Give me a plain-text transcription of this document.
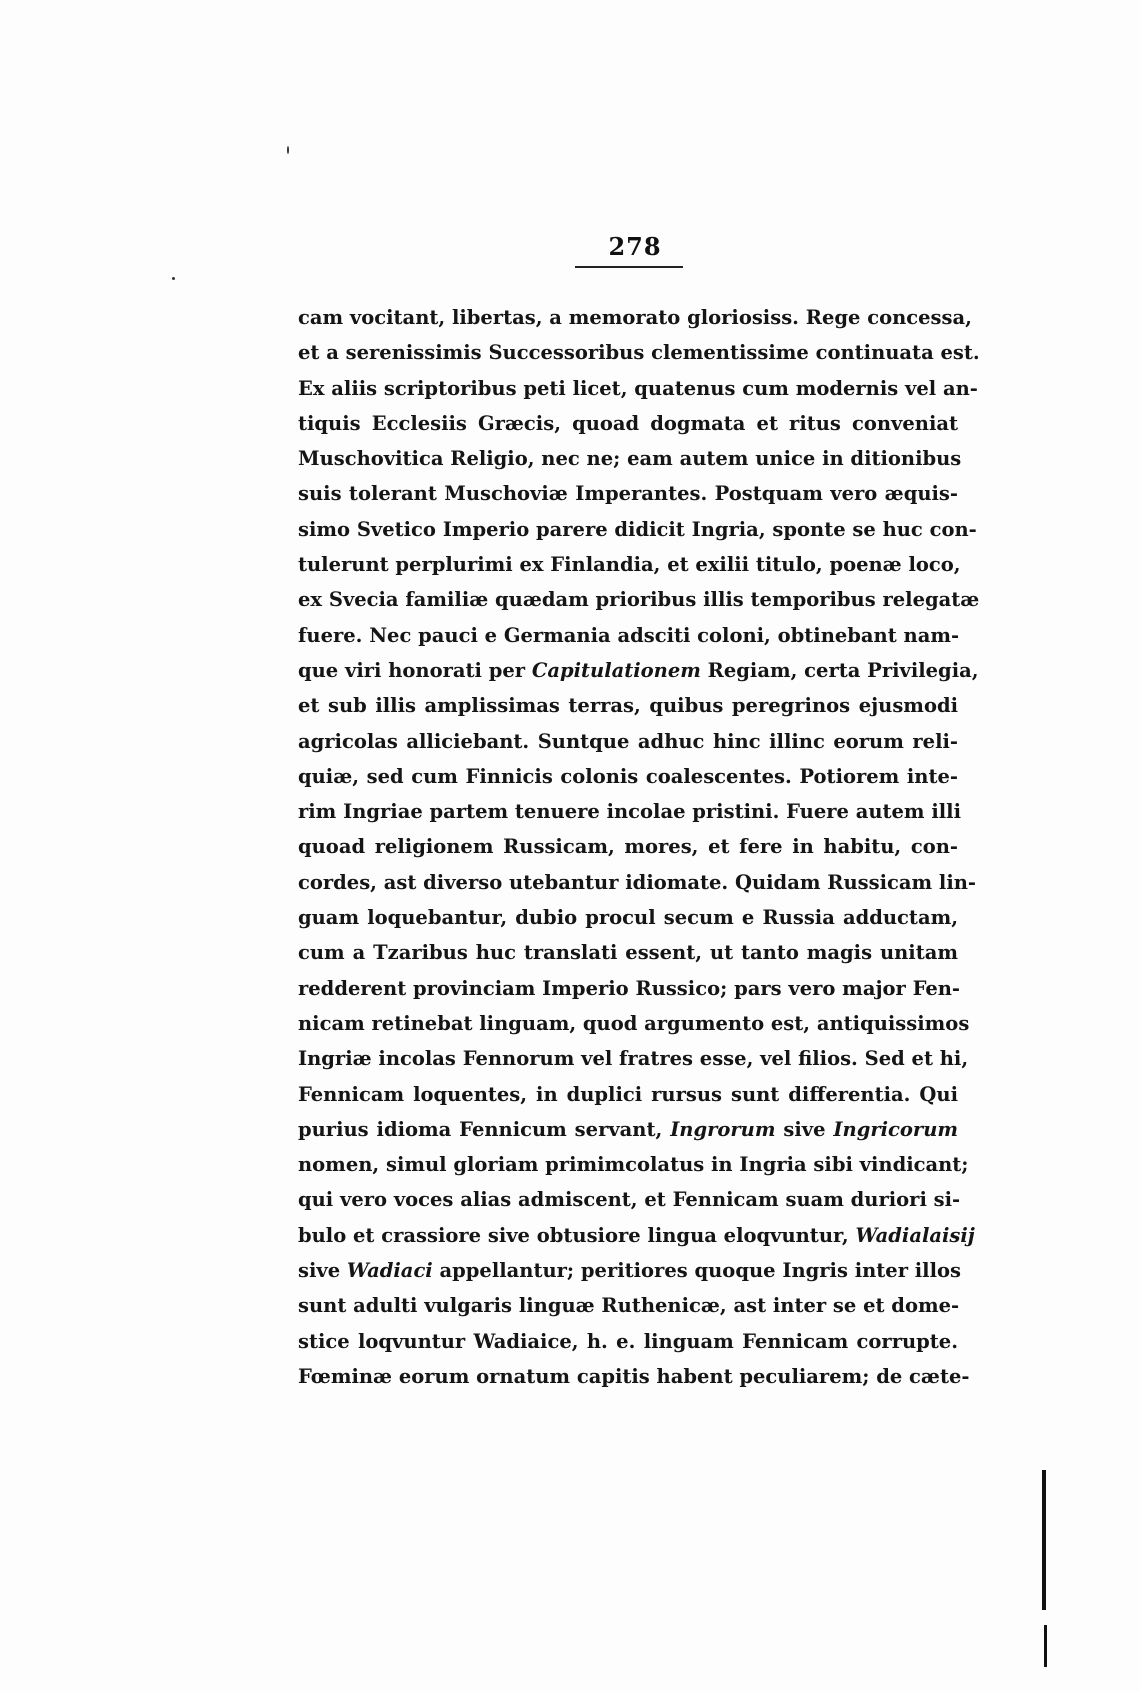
278
cam vocitant, libertas, a memorato gloriosiss. Rege concessa,
et a serenissimis Successoribus clementissime continuata est.
Ex aliis scriptoribus peti licet, quatenus cum modernis vel an-
tiquis Ecclesiis Græcis, quoad dogmata et ritus conveniat
Muschovitica Religio, nec ne; eam autem unice in ditionibus
suis tolerant Muschoviæ Imperantes. Postquam vero æquis-
simo Svetico Imperio parere didicit Ingria, sponte se huc con-
tulerunt perplurimi ex Finlandia, et exilii titulo, poenæ loco,
ex Svecia familiæ quædam prioribus illis temporibus relegatæ
fuere. Nec pauci e Germania adsciti coloni, obtinebant nam-
que viri honorati per Capitulationem Regiam, certa Privilegia,
et sub illis amplissimas terras, quibus peregrinos ejusmodi
agricolas alliciebant. Suntque adhuc hinc illinc eorum reli-
quiæ, sed cum Finnicis colonis coalescentes. Potiorem inte-
rim Ingriae partem tenuere incolae pristini. Fuere autem illi
quoad religionem Russicam, mores, et fere in habitu, con-
cordes, ast diverso utebantur idiomate. Quidam Russicam lin-
guam loquebantur, dubio procul secum e Russia adductam,
cum a Tzaribus huc translati essent, ut tanto magis unitam
redderent provinciam Imperio Russico; pars vero major Fen-
nicam retinebat linguam, quod argumento est, antiquissimos
Ingriæ incolas Fennorum vel fratres esse, vel filios. Sed et hi,
Fennicam loquentes, in duplici rursus sunt differentia. Qui
purius idioma Fennicum servant, Ingrorum sive Ingricorum
nomen, simul gloriam primimcolatus in Ingria sibi vindicant;
qui vero voces alias admiscent, et Fennicam suam duriori si-
bulo et crassiore sive obtusiore lingua eloqvuntur, Wadialaisij
sive Wadiaci appellantur; peritiores quoque Ingris inter illos
sunt adulti vulgaris linguæ Ruthenicæ, ast inter se et dome-
stice loqvuntur Wadiaice, h. e. linguam Fennicam corrupte.
Fœminæ eorum ornatum capitis habent peculiarem; de cæte-
